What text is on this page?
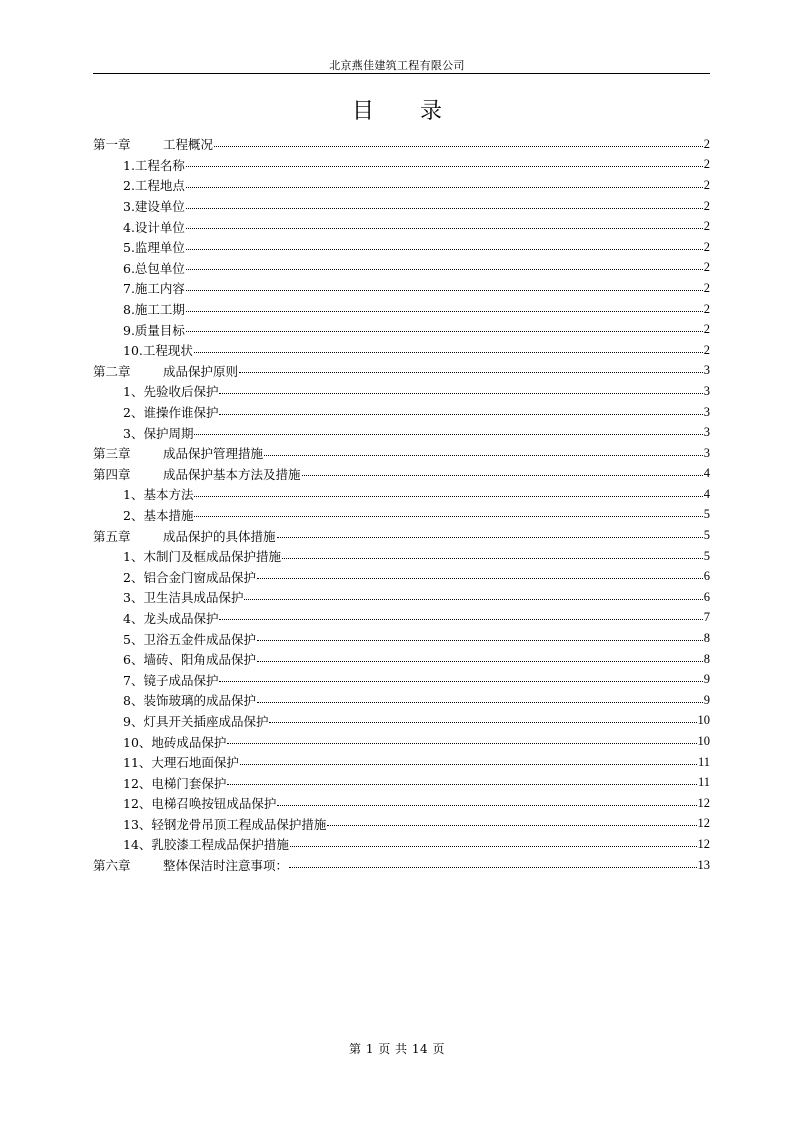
北京燕佳建筑工程有限公司
目录
第一章	工程概况	2
1.工程名称	2
2.工程地点	2
3.建设单位	2
4.设计单位	2
5.监理单位	2
6.总包单位	2
7.施工内容	2
8.施工工期	2
9.质量目标	2
10.工程现状	2
第二章	成品保护原则	3
1、先验收后保护	3
2、谁操作谁保护	3
3、保护周期	3
第三章	成品保护管理措施	3
第四章	成品保护基本方法及措施	4
1、基本方法	4
2、基本措施	5
第五章	成品保护的具体措施	5
1、木制门及框成品保护措施	5
2、铝合金门窗成品保护	6
3、卫生洁具成品保护	6
4、龙头成品保护	7
5、卫浴五金件成品保护	8
6、墙砖、阳角成品保护	8
7、镜子成品保护	9
8、装饰玻璃的成品保护	9
9、灯具开关插座成品保护	10
10、地砖成品保护	10
11、大理石地面保护	11
12、电梯门套保护	11
12、电梯召唤按钮成品保护	12
13、轻钢龙骨吊顶工程成品保护措施	12
14、乳胶漆工程成品保护措施	12
第六章	整体保洁时注意事项：	13
第 1 页 共 14 页
